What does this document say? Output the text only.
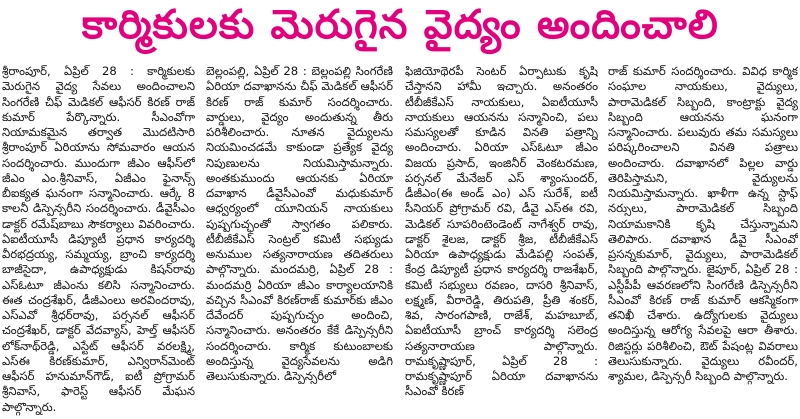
కార్మికులకు మెరుగైన వైద్యం అందించాలి

శ్రీరాంపూర్, ఏప్రిల్ 28 : కార్మికులకు మెరుగైన వైద్య సేవలు అందించాలని సింగరేణి చీఫ్ మెడికల్ ఆఫీసర్ కిరణ్ రాజ్ కుమార్ పేర్కొన్నారు. సీఎంవోగా నియామకమైన తర్వాత మొదటిసారి శ్రీరాంపూర్ ఏరియాను సోమవారం ఆయన సందర్శించారు. ముందుగా జీఎం ఆఫీస్‌లో జీఎం ఎం.శ్రీనివాస్, ఏజీఎం ఫైనాన్స్ బీఐక్యత ఘనంగా సన్మానించారు. ఆర్కే 8 కాలనీ డిస్పెన్సరీని సందర్శించారు. డీవైసీఎం డాక్టర్ రమేష్‌బాబు సౌకర్యాలు వివరించారు. ఏఐటీయూసీ డిప్యూటీ ప్రధాన కార్యదర్శి వీరభద్రయ్య, సమ్మయ్య, బ్రాంచి కార్యదర్శి బాజీసైదా, ఉపాధ్యక్షుడు కిషన్‌రావు ఎస్ఓటూ జీఎంను కలిసి సన్మానించారు. ఈత చంద్రశేఖర్, డీజీఎంలు అరవిందరావు, ఎస్ఎవో శ్రీధర్‌రావు, పర్సనల్ ఆఫీసర్ చంద్రశేఖర్, డాక్టర్ వేదవ్యాస్, హెల్త్ ఆఫీసర్ లోక్‌నాథ్‌రెడ్డి, ఎస్టేట్ ఆఫీసర్ వరలక్ష్మి, ఎస్ఈ కిరణ్‌కుమార్, ఎన్విరాన్‌మెంట్ ఆఫీసర్ హనుమాన్‌గౌడ్, ఐటీ ప్రోగ్రామర్ శ్రీనివాస్, ఫారెస్ట్ ఆఫీసర్ మేఘన పాల్గొన్నారు.

బెల్లంపల్లి, ఏప్రిల్ 28 : బెల్లంపల్లి సింగరేణి ఏరియా దవాఖానను చీఫ్ మెడికల్ ఆఫీసర్ కిరణ్ రాజ్ కుమార్ సందర్శించారు. వార్డులు, వైద్యం అందుతున్న తీరు పరిశీలించారు. నూతన వైద్యులను నియమించడమే కాకుండా ప్రత్యేక వైద్య నిపుణులను నియమిస్తామన్నారు. అంతకుముందు ఆయనకు ఏరియా దవాఖాన డీవైసీఎంవో మధుకుమార్ ఆధ్వర్యంలో యూనియన్ నాయకులు పుష్పగుచ్ఛంతో స్వాగతం పలికారు. టీబీజీకేఎస్ సెంట్రల్ కమిటీ సభ్యుడు అనుముల సత్యనారాయణ తదితరులు పాల్గొన్నారు. మందమర్రి, ఏప్రిల్ 28 : మందమర్రి ఏరియా జీఎం కార్యాలయానికి వచ్చిన సీఎంవో కిరణ్‌రాజ్ కుమార్‌కు జీఎం దేవేందర్ పుష్పగుచ్ఛం అందించి, సన్మానించారు. అనంతరం కేకే డిస్పెన్సరీని సందర్శించారు. కార్మిక కుటుంబాలకు అందిస్తున్న వైద్యసేవలను అడిగి తెలుసుకున్నారు. డిస్పెన్సరీలో

ఫిజియోథెరపీ సెంటర్ ఏర్పాటుకు కృషి చేస్తానని హామీ ఇచ్చారు. అనంతరం టీబీజీకేఎస్ నాయకులు, ఏఐటీయూసీ నాయకులు ఆయనను సన్మానించి, పలు సమస్యలతో కూడిన వినతి పత్రాన్ని అందించారు. ఏరియా ఎస్‌ఓటూ జీఎం విజయ ప్రసాద్, ఇంజినీర్ వెంకటరమణ, పర్సనల్ మేనేజర్ ఎస్ శ్యాంసుందర్, డీజీఎం(ఈ అండ్ ఎం) ఎస్ సురేశ్, ఐటీ సీనియర్ ప్రోగ్రామర్ రవి, డీవై ఎస్ఈ రవి, మెడికల్ సూపరింటెండెంట్ నాగేశ్వర్ రావు, డాక్టర్ శైలజ, డాక్టర్ శ్రీజ, టీబీజీకేఎస్ ఏరియా ఉపాధ్యక్షుడు మేడిపల్లి సంపత్, కేంద్ర డిప్యూటీ ప్రధాన కార్యదర్శి రాజశేఖర్, కమిటీ సభ్యులు రవణం, దాసరి శ్రీనివాస్, లక్ష్మణ్, వీరారెడ్డి, తిరుపతి, ప్రీతి శంకర్, శివ, సారంగపాణి, రాజేశ్, మహబూబ్, ఏఐటీయూసీ బ్రాంచ్ కార్యదర్శి సలెంద్ర సత్యనారాయణ పాల్గొన్నారు. రామకృష్ణాపూర్, ఏప్రిల్ 28 : రామకృష్ణాపూర్ ఏరియా దవాఖానను సీఎంవో కిరణ్

రాజ్ కుమార్ సందర్శించారు. వివిధ కార్మిక సంఘాల నాయకులు, వైద్యులు, పారామెడికల్ సిబ్బంది, కాంట్రాక్టు వైద్య సిబ్బంది ఆయనను ఘనంగా సన్మానించారు. పలువురు తమ సమస్యలు పరిష్కరించాలని వినతి పత్రాలు అందించారు. దవాఖానలో పిల్లల వార్డు తెరిపిస్తామని, వైద్యులను నియమిస్తామన్నారు. ఖాళీగా ఉన్న స్టాఫ్ నర్సులు, పారామెడికల్ సిబ్బంది నియామకానికి కృషి చేస్తున్నామని తెలిపారు. దవాఖాన డీవై సీఎంవో ప్రసన్నకుమార్, వైద్యులు, పారామెడికల్ సిబ్బంది పాల్గొన్నారు. జైపూర్, ఏప్రిల్ 28 : ఎస్టీపీపీ ఆవరణలోని సింగరేణి డిస్పెన్సరీని సీఎంవో కిరణ్ రాజ్ కుమార్ ఆకస్మికంగా తనిఖీ చేశారు. ఉద్యోగులకు వైద్యులు అందిస్తున్న ఆరోగ్య సేవలపై ఆరా తీశారు. రిజిస్టర్లు పరిశీలించి, ఔట్ పేషంట్ల వివరాలు తెలుసుకున్నారు. వైద్యులు రవీందర్, శ్యామల, డిస్పెన్సరీ సిబ్బంది పాల్గొన్నారు.
